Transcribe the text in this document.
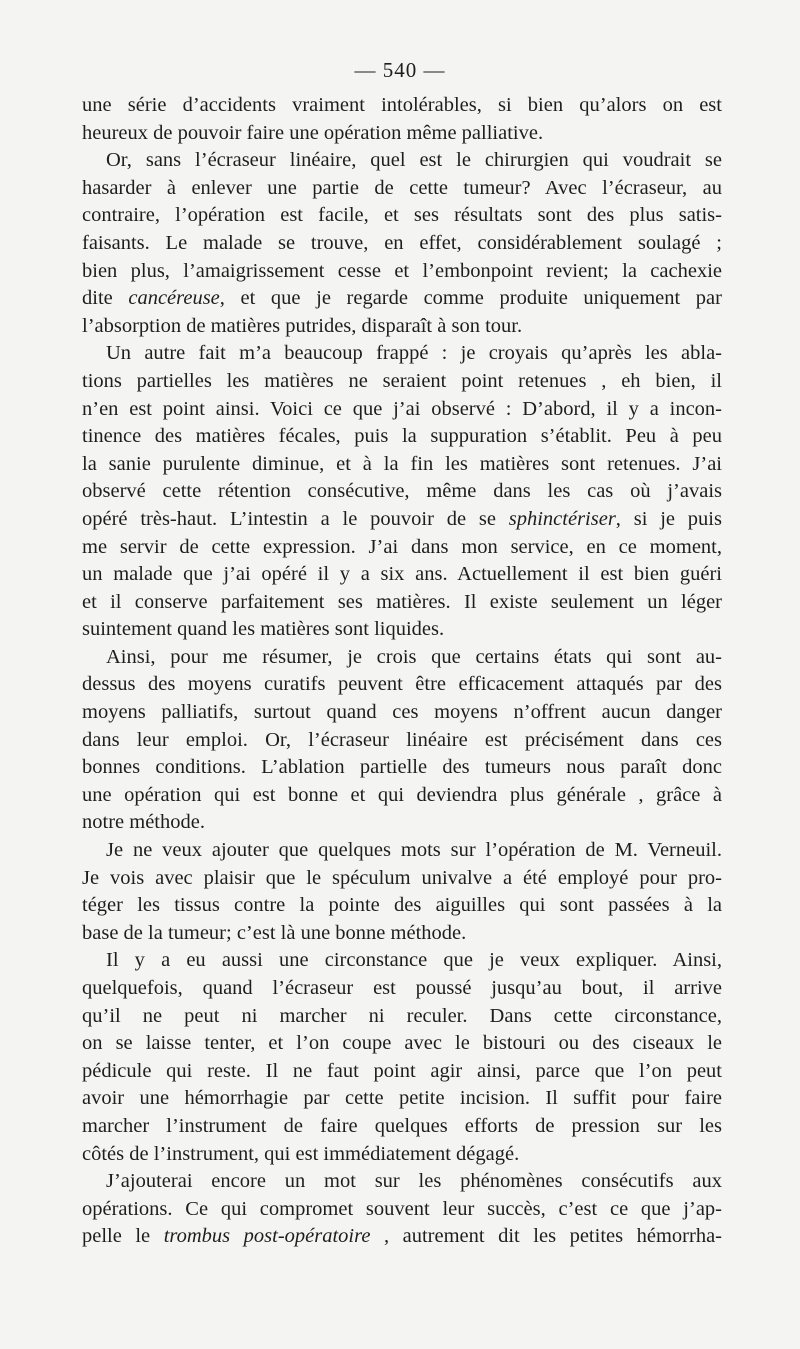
— 540 —

une série d’accidents vraiment intolérables, si bien qu’alors on est
heureux de pouvoir faire une opération même palliative.

Or, sans l’écraseur linéaire, quel est le chirurgien qui voudrait se
hasarder à enlever une partie de cette tumeur? Avec l’écraseur, au
contraire, l’opération est facile, et ses résultats sont des plus satis-
faisants. Le malade se trouve, en effet, considérablement soulagé ;
bien plus, l’amaigrissement cesse et l’embonpoint revient; la cachexie
dite cancéreuse, et que je regarde comme produite uniquement par
l’absorption de matières putrides, disparaît à son tour.

Un autre fait m’a beaucoup frappé : je croyais qu’après les abla-
tions partielles les matières ne seraient point retenues , eh bien, il
n’en est point ainsi. Voici ce que j’ai observé : D’abord, il y a incon-
tinence des matières fécales, puis la suppuration s’établit. Peu à peu
la sanie purulente diminue, et à la fin les matières sont retenues. J’ai
observé cette rétention consécutive, même dans les cas où j’avais
opéré très-haut. L’intestin a le pouvoir de se sphinctériser, si je puis
me servir de cette expression. J’ai dans mon service, en ce moment,
un malade que j’ai opéré il y a six ans. Actuellement il est bien guéri
et il conserve parfaitement ses matières. Il existe seulement un léger
suintement quand les matières sont liquides.

Ainsi, pour me résumer, je crois que certains états qui sont au-
dessus des moyens curatifs peuvent être efficacement attaqués par des
moyens palliatifs, surtout quand ces moyens n’offrent aucun danger
dans leur emploi. Or, l’écraseur linéaire est précisément dans ces
bonnes conditions. L’ablation partielle des tumeurs nous paraît donc
une opération qui est bonne et qui deviendra plus générale , grâce à
notre méthode.

Je ne veux ajouter que quelques mots sur l’opération de M. Verneuil.
Je vois avec plaisir que le spéculum univalve a été employé pour pro-
téger les tissus contre la pointe des aiguilles qui sont passées à la
base de la tumeur; c’est là une bonne méthode.

Il y a eu aussi une circonstance que je veux expliquer. Ainsi,
quelquefois, quand l’écraseur est poussé jusqu’au bout, il arrive
qu’il ne peut ni marcher ni reculer. Dans cette circonstance,
on se laisse tenter, et l’on coupe avec le bistouri ou des ciseaux le
pédicule qui reste. Il ne faut point agir ainsi, parce que l’on peut
avoir une hémorrhagie par cette petite incision. Il suffit pour faire
marcher l’instrument de faire quelques efforts de pression sur les
côtés de l’instrument, qui est immédiatement dégagé.

J’ajouterai encore un mot sur les phénomènes consécutifs aux
opérations. Ce qui compromet souvent leur succès, c’est ce que j’ap-
pelle le trombus post-opératoire , autrement dit les petites hémorrha-
